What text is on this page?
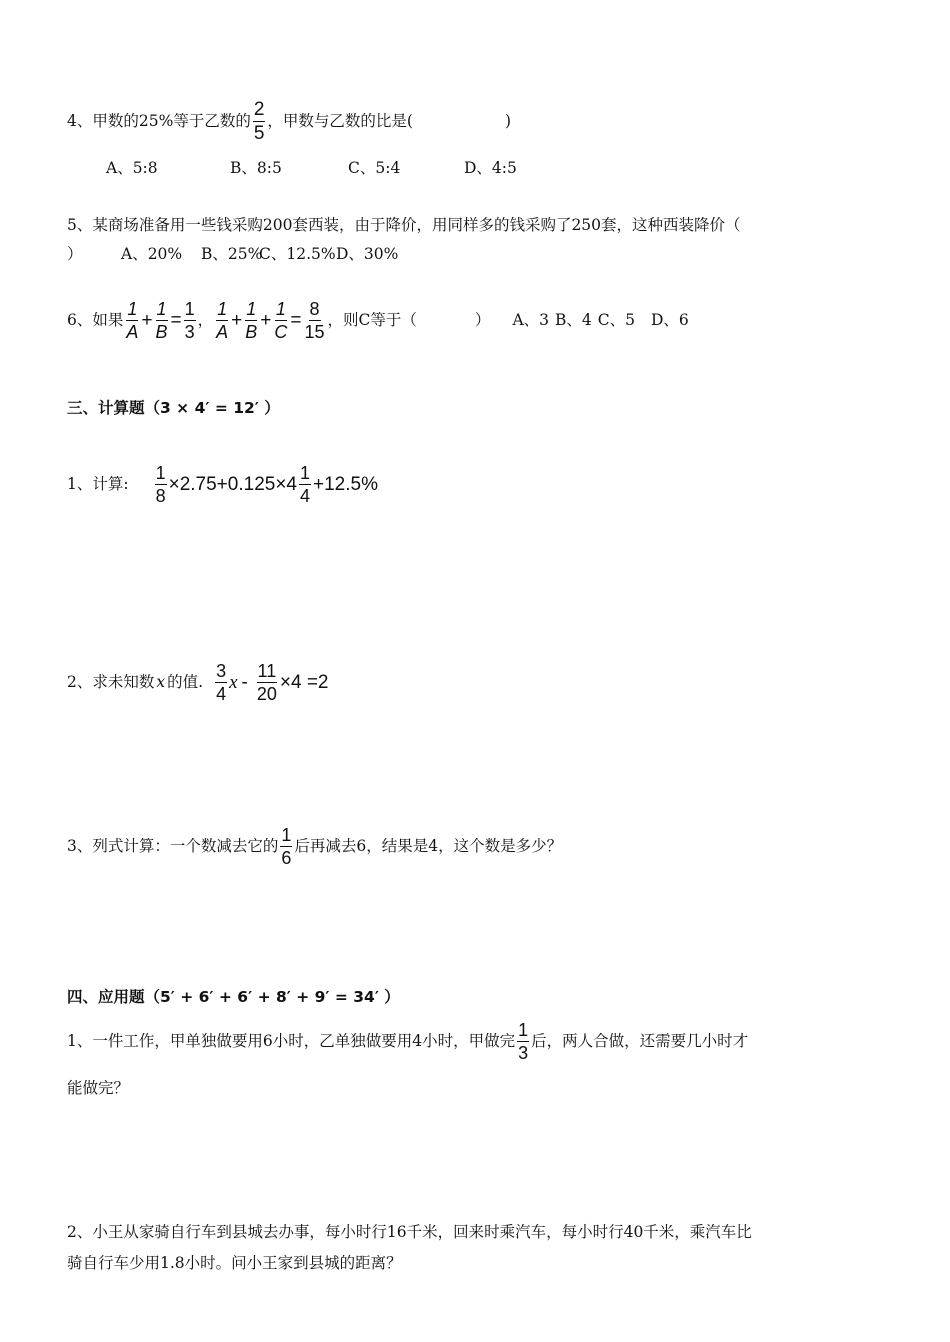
4、甲数的25%等于乙数的 $\frac{2}{5}$ ，甲数与乙数的比是(	)
A、5:8	B、8:5	C、5:4	D、4:5
5、某商场准备用一些钱采购200套西装，由于降价，用同样多的钱采购了250套，这种西装降价（
） A、20% B、25%C、12.5%D、30%
6、如果 $\frac{1}{A} + \frac{1}{B} = \frac{1}{3}$ ， $\frac{1}{A} + \frac{1}{B} + \frac{1}{C} = \frac{8}{15}$ ，则C等于（	） A、3 B、4 C、5 D、6
三、计算题（3 × 4′ = 12′ ）
1、计算: $\frac{1}{8} \times 2.75+0.125\times 4 \frac{1}{4} +12.5\%$
2、求未知数 x 的值. $\frac{3}{4}$ $x - \frac{11}{20} \times 4 =2$
3、列式计算：一个数减去它的 $\frac{1}{6}$ 后再减去6，结果是4，这个数是多少？
四、应用题（5′ + 6′ + 6′ + 8′ + 9′ = 34′ ）
1、一件工作，甲单独做要用6小时，乙单独做要用4小时，甲做完 $\frac{1}{3}$ 后，两人合做，还需要几小时才
能做完？
2、小王从家骑自行车到县城去办事，每小时行16千米，回来时乘汽车，每小时行40千米，乘汽车比
骑自行车少用1.8小时。问小王家到县城的距离？
